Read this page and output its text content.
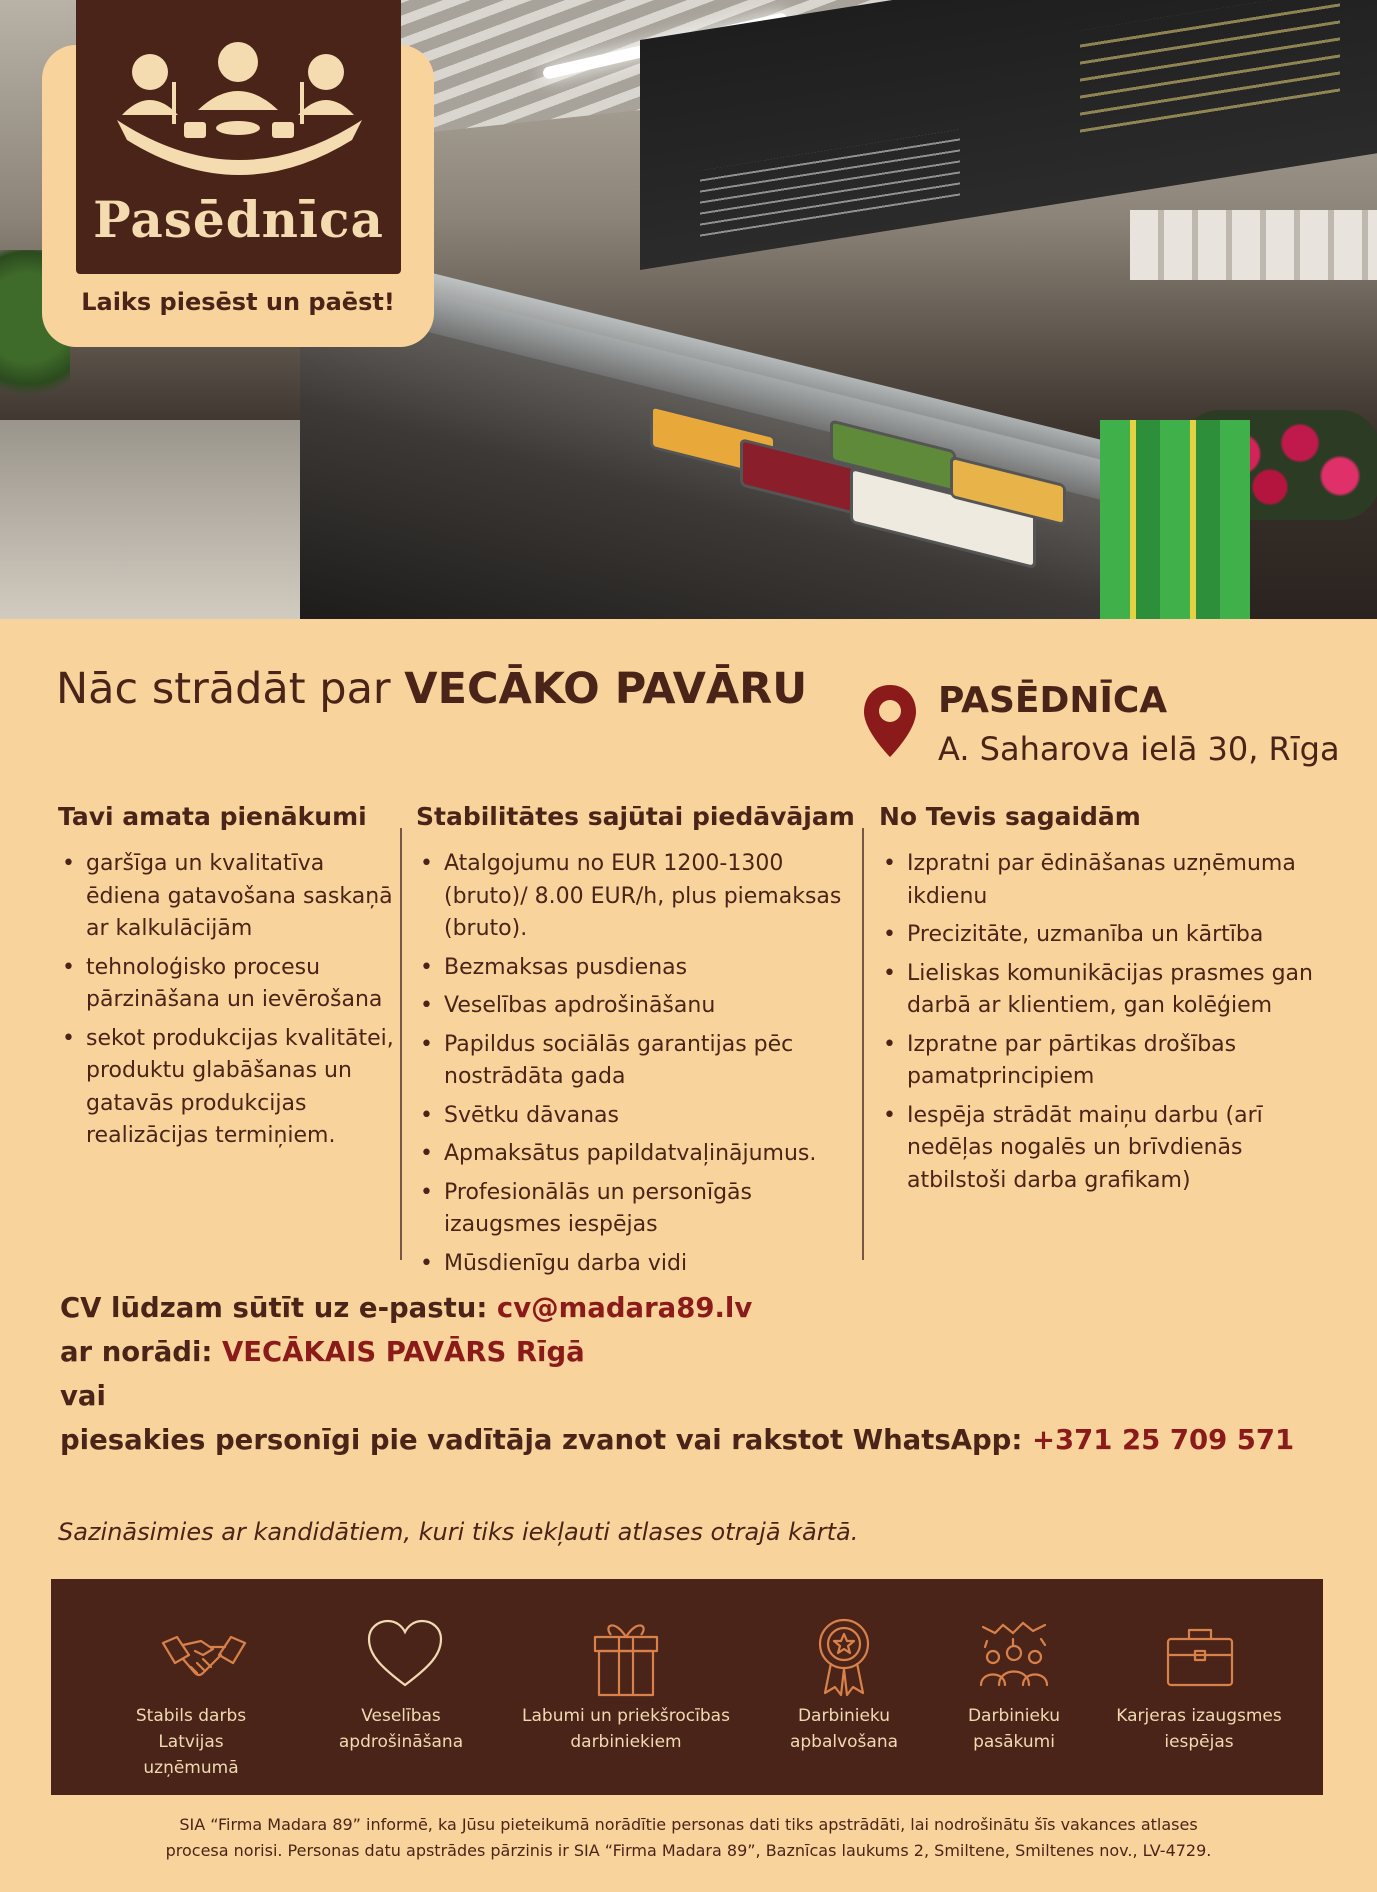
Pasēdnīca
Laiks piesēst un paēst!
Nāc strādāt par VECĀKO PAVĀRU	PASĒDNĪCA
A. Saharova ielā 30, Rīga
Tavi amata pienākumi
• garšīga un kvalitatīva ēdiena gatavošana saskaņā ar kalkulācijām
• tehnoloģisko procesu pārzināšana un ievērošana
• sekot produkcijas kvalitātei, produktu glabāšanas un gatavās produkcijas realizācijas termiņiem.
Stabilitātes sajūtai piedāvājam
• Atalgojumu no EUR 1200-1300 (bruto)/ 8.00 EUR/h, plus piemaksas (bruto).
• Bezmaksas pusdienas
• Veselības apdrošināšanu
• Papildus sociālās garantijas pēc nostrādāta gada
• Svētku dāvanas
• Apmaksātus papildatvaļinājumus.
• Profesionālās un personīgās izaugsmes iespējas
• Mūsdienīgu darba vidi
No Tevis sagaidām
• Izpratni par ēdināšanas uzņēmuma ikdienu
• Precizitāte, uzmanība un kārtība
• Lieliskas komunikācijas prasmes gan darbā ar klientiem, gan kolēģiem
• Izpratne par pārtikas drošības pamatprincipiem
• Iespēja strādāt maiņu darbu (arī nedēļas nogalēs un brīvdienās atbilstoši darba grafikam)
CV lūdzam sūtīt uz e-pastu: cv@madara89.lv
ar norādi: VECĀKAIS PAVĀRS Rīgā
vai
piesakies personīgi pie vadītāja zvanot vai rakstot WhatsApp: +371 25 709 571
Sazināsimies ar kandidātiem, kuri tiks iekļauti atlases otrajā kārtā.
Stabils darbs Latvijas
uzņēmumā
Veselības
apdrošināšana
Labumi un priekšrocības
darbiniekiem
Darbinieku
apbalvošana
Darbinieku
pasākumi
Karjeras izaugsmes
iespējas
SIA “Firma Madara 89” informē, ka Jūsu pieteikumā norādītie personas dati tiks apstrādāti, lai nodrošinātu šīs vakances atlases
procesa norisi. Personas datu apstrādes pārzinis ir SIA “Firma Madara 89”, Baznīcas laukums 2, Smiltene, Smiltenes nov., LV-4729.
